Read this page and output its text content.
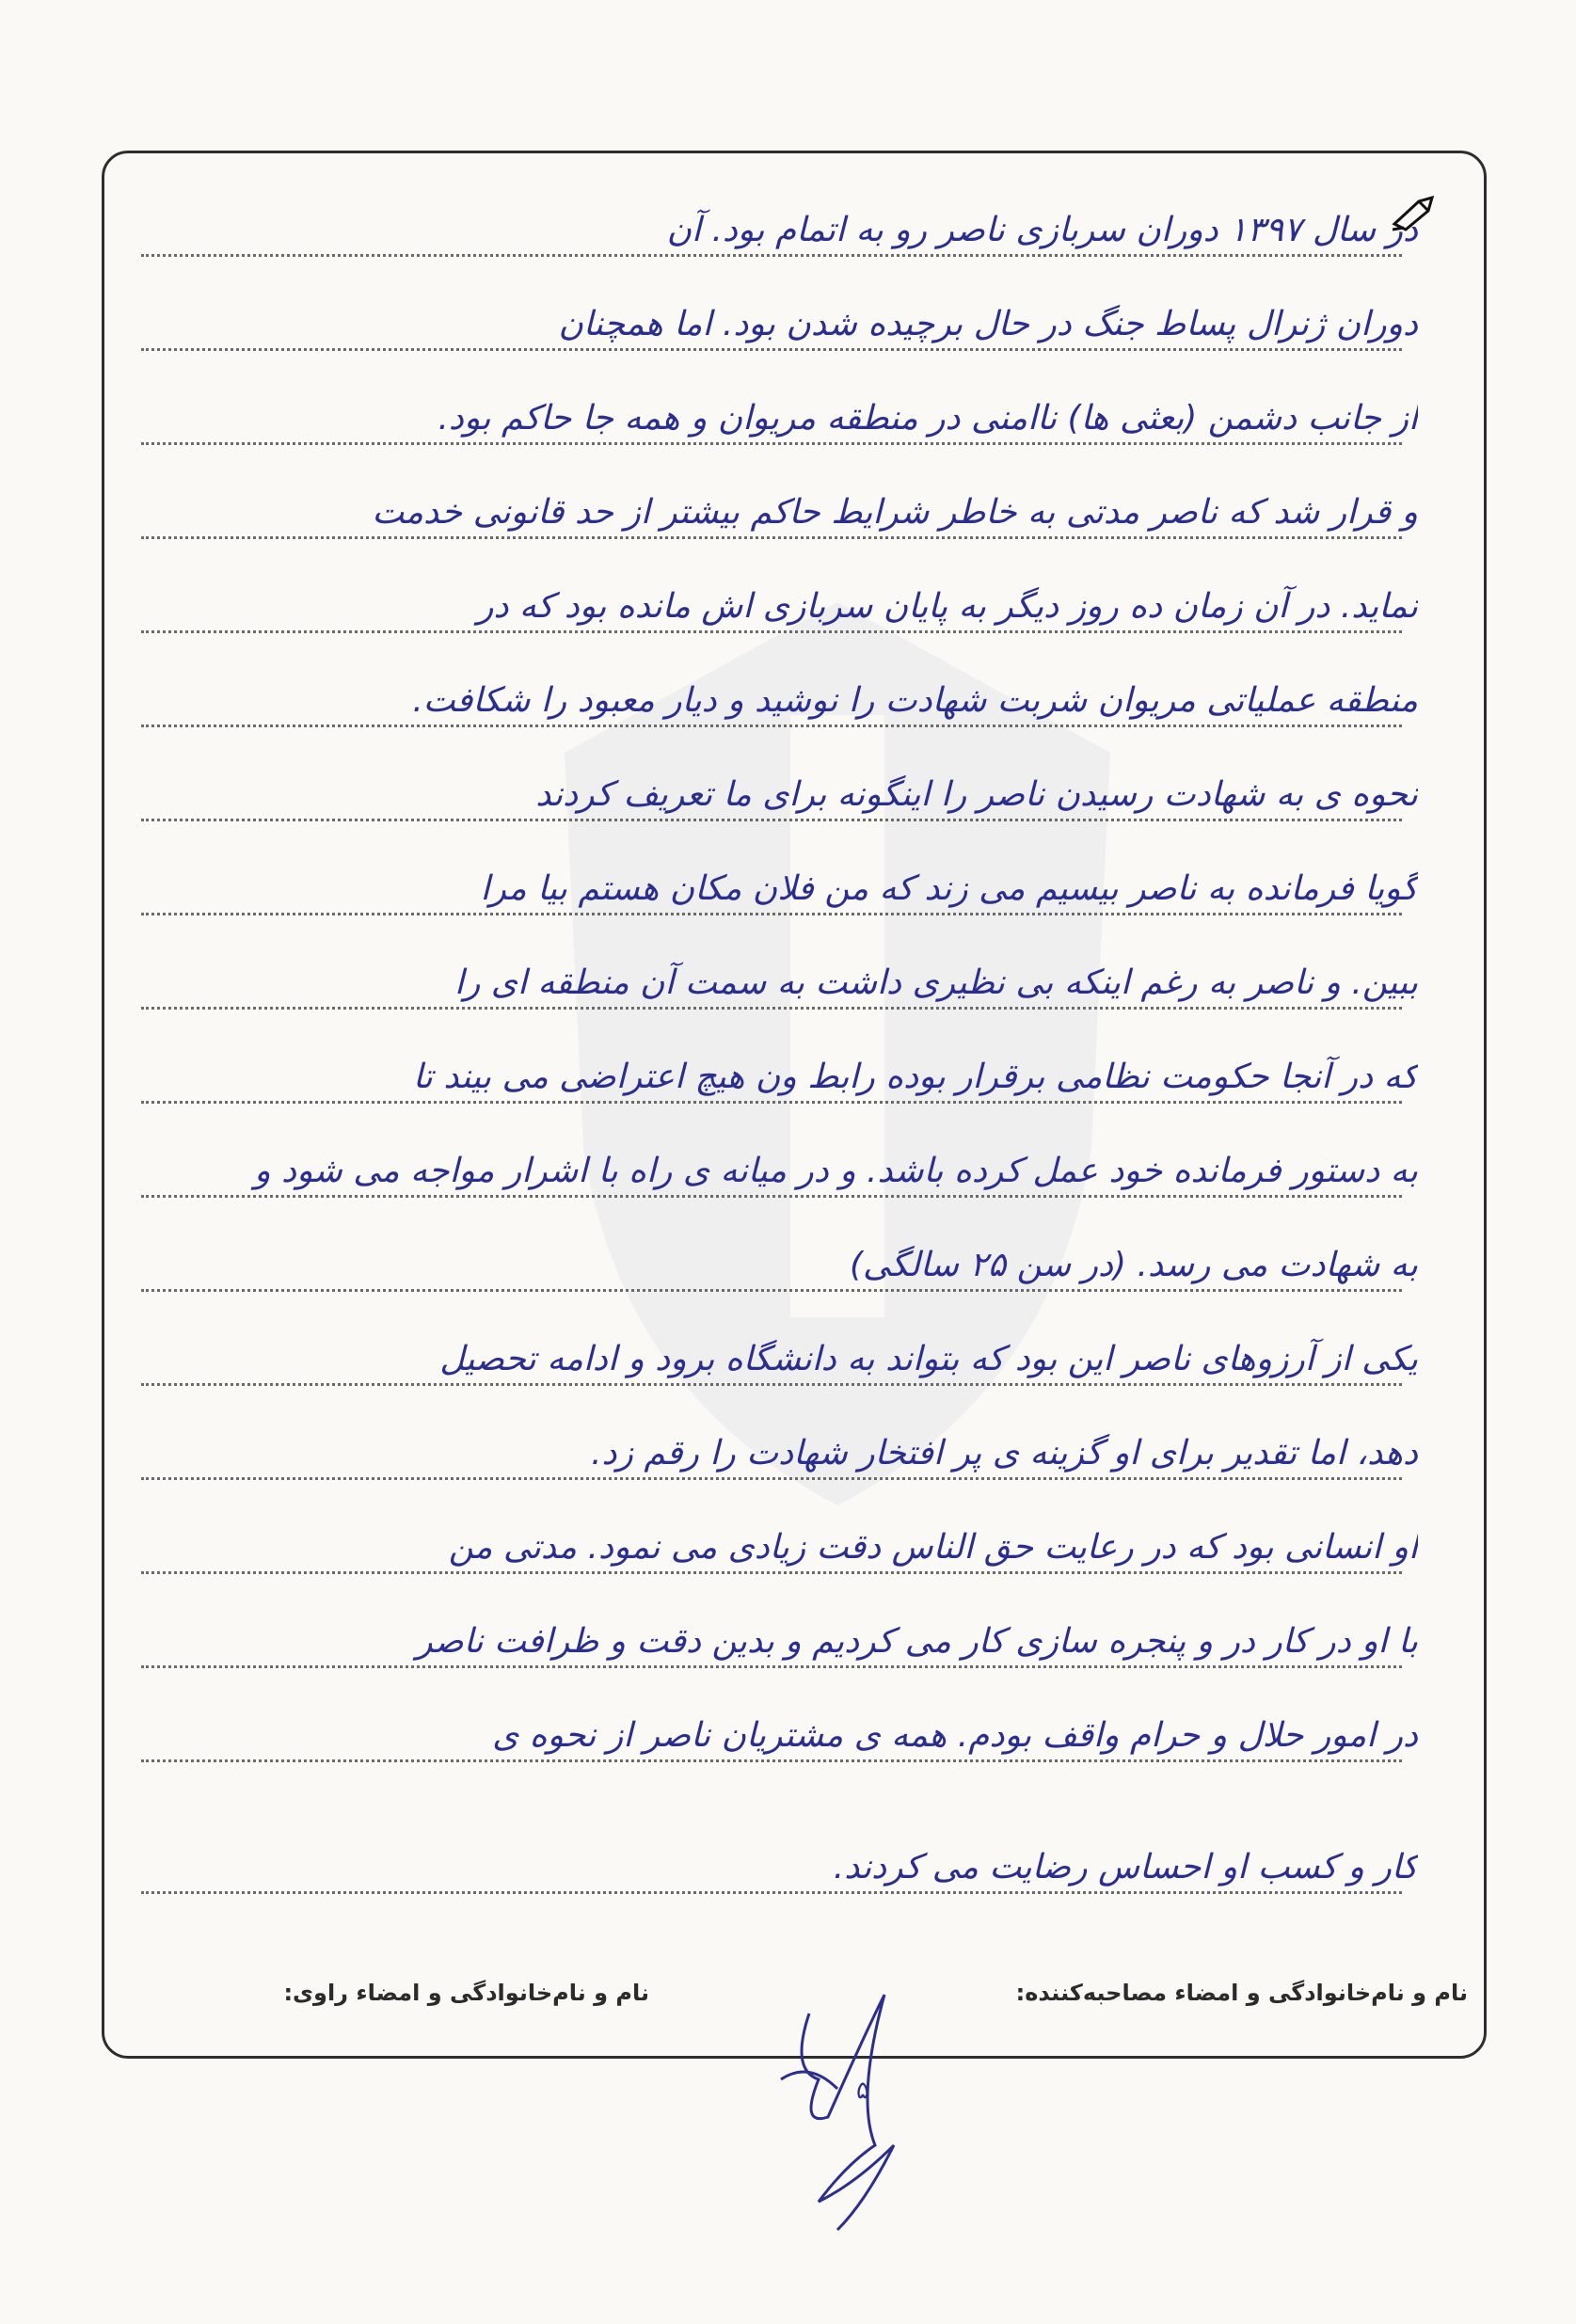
در سال ۱۳۹۷ دوران سربازی ناصر رو به اتمام بود. آن
دوران ژنرال پساط جنگ در حال برچیده شدن بود. اما همچنان
از جانب دشمن (بعثی ها) ناامنی در منطقه مریوان و همه جا حاکم بود.
و قرار شد که ناصر مدتی به خاطر شرایط حاکم بیشتر از حد قانونی خدمت
نماید. در آن زمان ده روز دیگر به پایان سربازی اش مانده بود که در
منطقه عملیاتی مریوان شربت شهادت را نوشید و دیار معبود را شکافت.
نحوه ی به شهادت رسیدن ناصر را اینگونه برای ما تعریف کردند
گویا فرمانده به ناصر بیسیم می زند که من فلان مکان هستم بیا مرا
ببین. و ناصر به رغم اینکه بی نظیری داشت به سمت آن منطقه ای را
که در آنجا حکومت نظامی برقرار بوده رابط ون هیچ اعتراضی می بیند تا
به دستور فرمانده خود عمل کرده باشد. و در میانه ی راه با اشرار مواجه می شود و
به شهادت می رسد. (در سن ۲۵ سالگی)
یکی از آرزوهای ناصر این بود که بتواند به دانشگاه برود و ادامه تحصیل
دهد، اما تقدیر برای او گزینه ی پر افتخار شهادت را رقم زد.
او انسانی بود که در رعایت حق الناس دقت زیادی می نمود. مدتی من
با او در کار در و پنجره سازی کار می کردیم و بدین دقت و ظرافت ناصر
در امور حلال و حرام واقف بودم. همه ی مشتریان ناصر از نحوه ی
کار و کسب او احساس رضایت می کردند.
نام و نام‌خانوادگی و امضاء مصاحبه‌کننده:
نام و نام‌خانوادگی و امضاء راوی:
۵
